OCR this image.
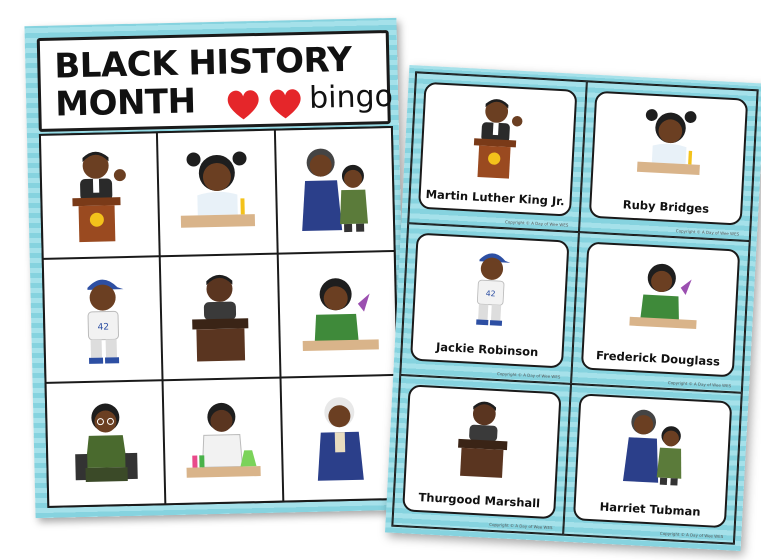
BLACK HISTORY
MONTH	bingo
42
Martin Luther King Jr.
Copyright © A Day of Wee WES
Ruby Bridges
Copyright © A Day of Wee WES
42
Jackie Robinson
Copyright © A Day of Wee WES
Frederick Douglass
Copyright © A Day of Wee WES
Thurgood Marshall
Copyright © A Day of Wee WES
Harriet Tubman
Copyright © A Day of Wee WES
